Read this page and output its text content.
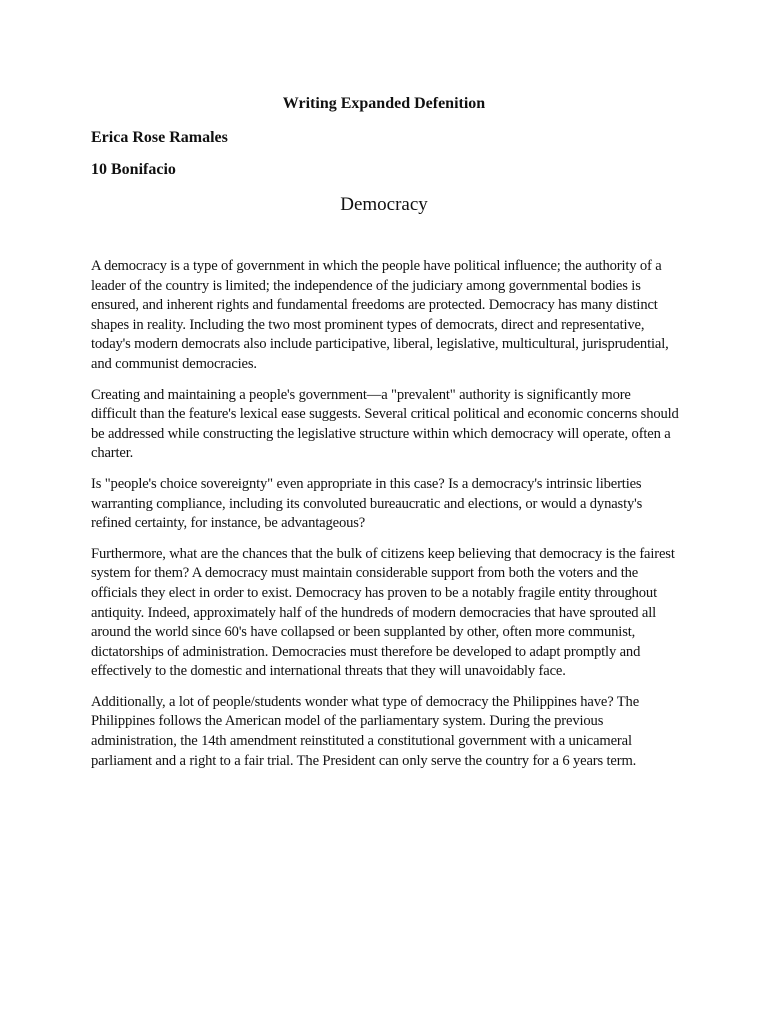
Writing Expanded Defenition
Erica Rose Ramales
10 Bonifacio
Democracy

A democracy is a type of government in which the people have political influence; the authority of a leader of the country is limited; the independence of the judiciary among governmental bodies is ensured, and inherent rights and fundamental freedoms are protected. Democracy has many distinct shapes in reality. Including the two most prominent types of democrats, direct and representative, today's modern democrats also include participative, liberal, legislative, multicultural, jurisprudential, and communist democracies.

Creating and maintaining a people's government—a "prevalent" authority is significantly more difficult than the feature's lexical ease suggests. Several critical political and economic concerns should be addressed while constructing the legislative structure within which democracy will operate, often a charter.

Is "people's choice sovereignty" even appropriate in this case? Is a democracy's intrinsic liberties warranting compliance, including its convoluted bureaucratic and elections, or would a dynasty's refined certainty, for instance, be advantageous?

Furthermore, what are the chances that the bulk of citizens keep believing that democracy is the fairest system for them? A democracy must maintain considerable support from both the voters and the officials they elect in order to exist. Democracy has proven to be a notably fragile entity throughout antiquity. Indeed, approximately half of the hundreds of modern democracies that have sprouted all around the world since 60's have collapsed or been supplanted by other, often more communist, dictatorships of administration. Democracies must therefore be developed to adapt promptly and effectively to the domestic and international threats that they will unavoidably face.

Additionally, a lot of people/students wonder what type of democracy the Philippines have? The Philippines follows the American model of the parliamentary system. During the previous administration, the 14th amendment reinstituted a constitutional government with a unicameral parliament and a right to a fair trial. The President can only serve the country for a 6 years term.
